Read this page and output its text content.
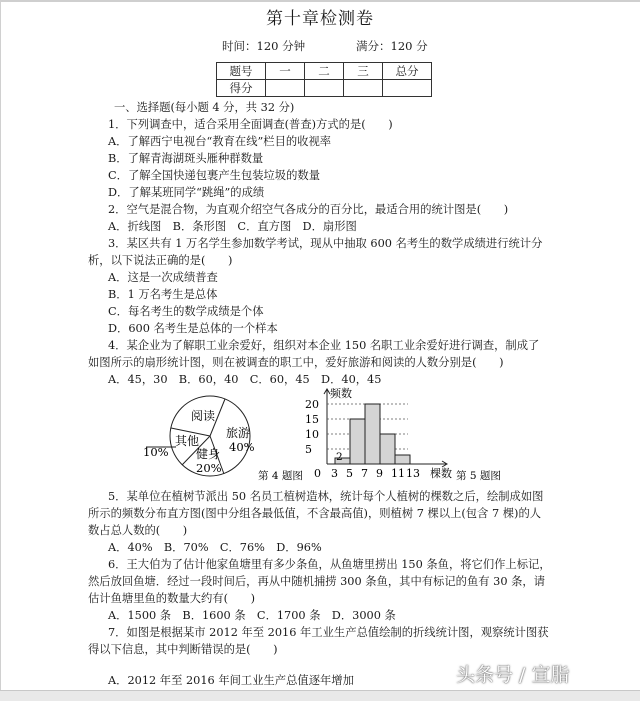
第十章检测卷
时间：120 分钟	满分：120 分
题号	一	二	三	总分
得分				
一、选择题(每小题 4 分，共 32 分)
1．下列调查中，适合采用全面调查(普查)方式的是(　　)
A．了解西宁电视台“教育在线”栏目的收视率
B．了解青海湖斑头雁种群数量
C．了解全国快递包裹产生包装垃圾的数量
D．了解某班同学“跳绳”的成绩
2．空气是混合物，为直观介绍空气各成分的百分比，最适合用的统计图是(　　)
A．折线图　B．条形图　C．直方图　D．扇形图
3．某区共有 1 万名学生参加数学考试，现从中抽取 600 名考生的数学成绩进行统计分
析，以下说法正确的是(　　)
A．这是一次成绩普查
B．1 万名考生是总体
C．每名考生的数学成绩是个体
D．600 名考生是总体的一个样本
4．某企业为了解职工业余爱好，组织对本企业 150 名职工业余爱好进行调查，制成了
如图所示的扇形统计图，则在被调查的职工中，爱好旅游和阅读的人数分别是(　　)
A．45，30　B．60，40　C．60，45　D．40，45
5．某单位在植树节派出 50 名员工植树造林，统计每个人植树的棵数之后，绘制成如图
所示的频数分布直方图(图中分组各最低值，不含最高值)，则植树 7 棵以上(包含 7 棵)的人
数占总人数的(　　)
A．40%　B．70%　C．76%　D．96%
6．王大伯为了估计他家鱼塘里有多少条鱼，从鱼塘里捞出 150 条鱼，将它们作上标记，
然后放回鱼塘．经过一段时间后，再从中随机捕捞 300 条鱼，其中有标记的鱼有 30 条，请
估计鱼塘里鱼的数量大约有(　　)
A．1500 条　B．1600 条　C．1700 条　D．3000 条
7．如图是根据某市 2012 年至 2016 年工业生产总值绘制的折线统计图，观察统计图获
得以下信息，其中判断错误的是(　　)
A．2012 年至 2016 年间工业生产总值逐年增加
阅读
其他
健身
旅游
10%
20%
40%
第 4 题图
频数
棵数 第 5 题图
20
15
10
5
0 3 5 7 9 11 13
2
头条号 / 宣脂
